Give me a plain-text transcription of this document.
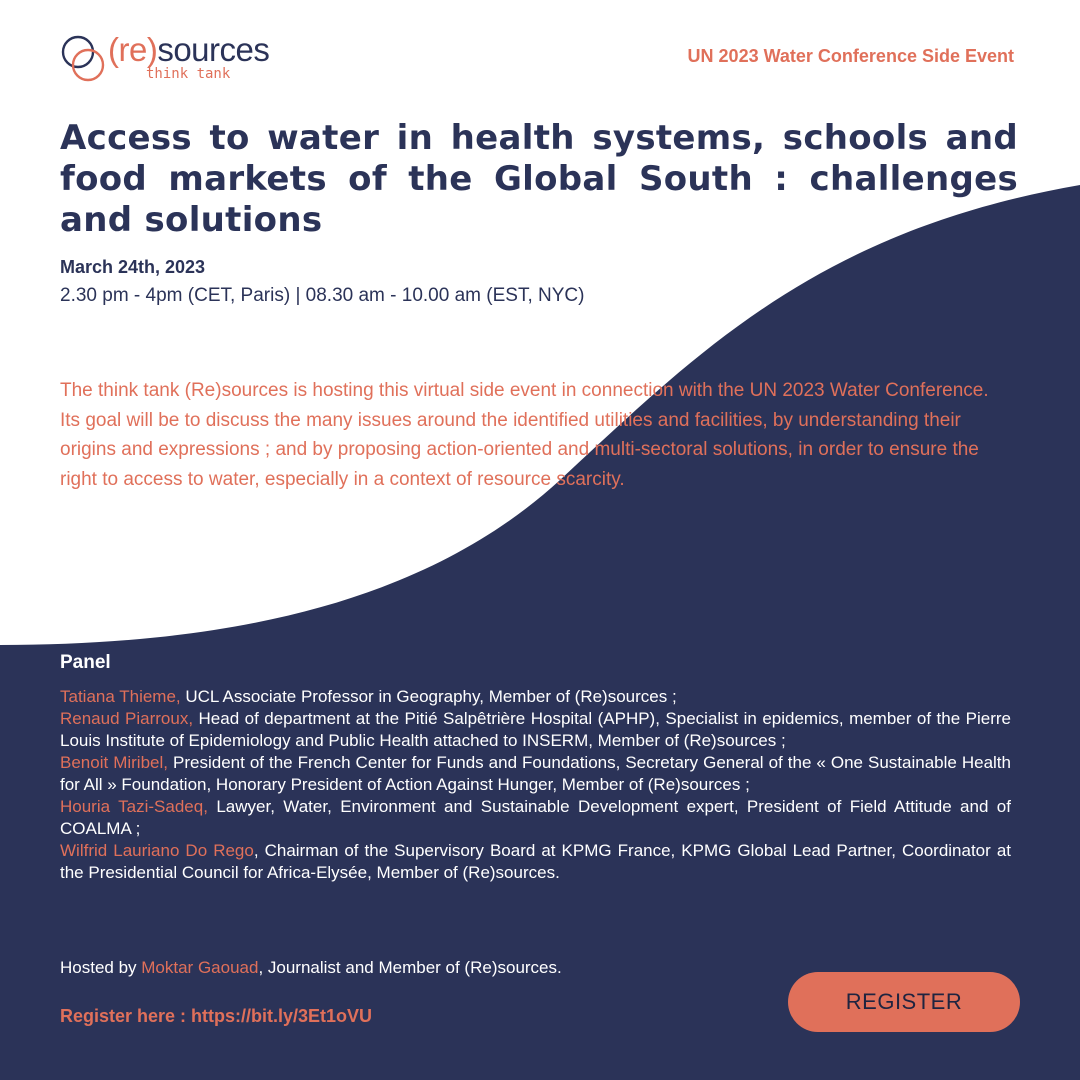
(re)sources
think tank
UN 2023 Water Conference Side Event
Access to water in health systems, schools and food markets of the Global South : challenges and solutions
March 24th, 2023
2.30 pm - 4pm (CET, Paris) | 08.30 am - 10.00 am (EST, NYC)

The think tank (Re)sources is hosting this virtual side event in connection with the UN 2023 Water Conference. Its goal will be to discuss the many issues around the identified utilities and facilities, by understanding their origins and expressions ; and by proposing action-oriented and multi-sectoral solutions, in order to ensure the right to access to water, especially in a context of resource scarcity.

Panel
Tatiana Thieme, UCL Associate Professor in Geography, Member of (Re)sources ;
Renaud Piarroux, Head of department at the Pitié Salpêtrière Hospital (APHP), Specialist in epidemics, member of the Pierre Louis Institute of Epidemiology and Public Health attached to INSERM, Member of (Re)sources ;
Benoit Miribel, President of the French Center for Funds and Foundations, Secretary General of the « One Sustainable Health for All » Foundation, Honorary President of Action Against Hunger, Member of (Re)sources ;
Houria Tazi-Sadeq, Lawyer, Water, Environment and Sustainable Development expert, President of Field Attitude and of COALMA ;
Wilfrid Lauriano Do Rego, Chairman of the Supervisory Board at KPMG France, KPMG Global Lead Partner, Coordinator at the Presidential Council for Africa-Elysée, Member of (Re)sources.
Hosted by Moktar Gaouad, Journalist and Member of (Re)sources.
Register here : https://bit.ly/3Et1oVU
REGISTER
